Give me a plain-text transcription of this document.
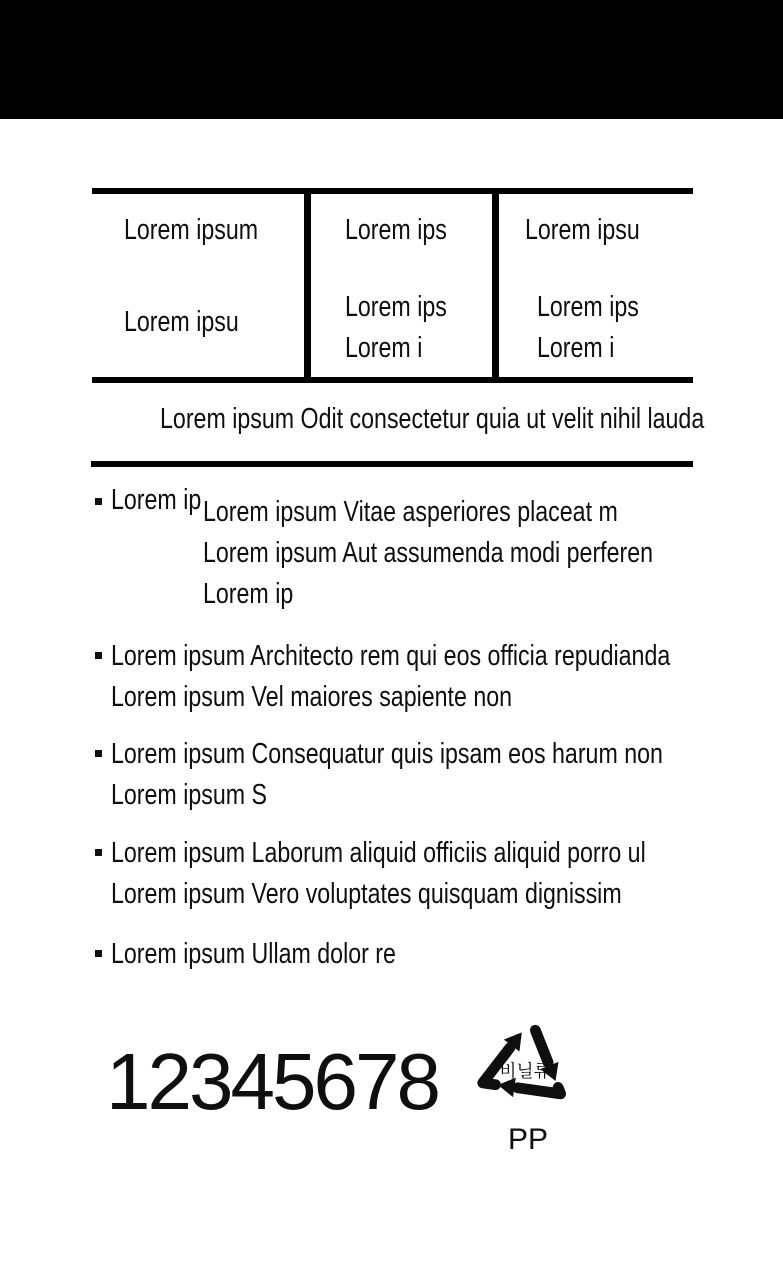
Lorem ipsum
Lorem ipsu
Lorem ips
Lorem ips
Lorem i
Lorem ipsu
Lorem ips
Lorem i
Lorem ipsum Odit consectetur quia ut velit nihil lauda
Lorem ip Lorem ipsum Vitae asperiores placeat m
Lorem ipsum Aut assumenda modi perferen
Lorem ip
Lorem ipsum Architecto rem qui eos officia repudianda
Lorem ipsum Vel maiores sapiente non
Lorem ipsum Consequatur quis ipsam eos harum non
Lorem ipsum S
Lorem ipsum Laborum aliquid officiis aliquid porro ul
Lorem ipsum Vero voluptates quisquam dignissim
Lorem ipsum Ullam dolor re
12345678	비닐류
PP
